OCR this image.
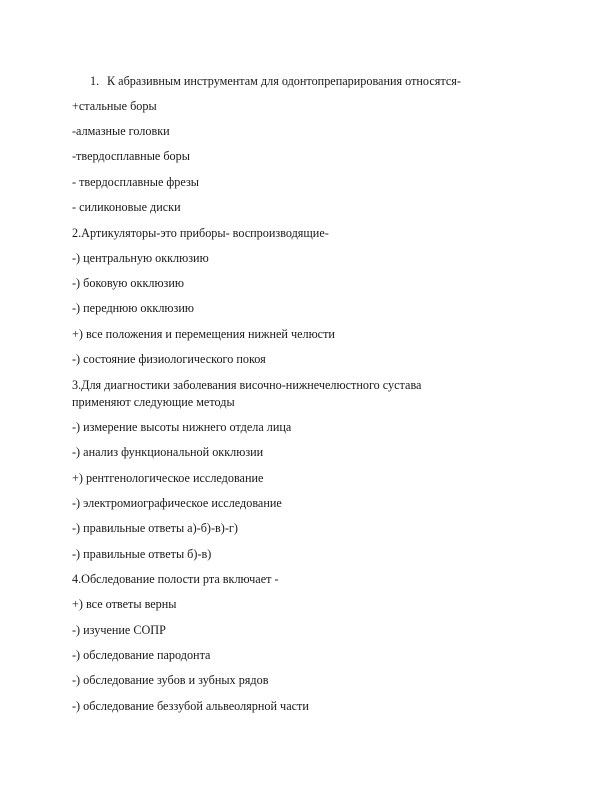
1. К абразивным инструментам для одонтопрепарирования относятся-
+стальные боры
-алмазные головки
-твердосплавные боры
- твердосплавные фрезы
- силиконовые диски
2.Артикуляторы-это приборы- воспроизводящие-
-) центральную окклюзию
-) боковую окклюзию
-) переднюю окклюзию
+) все положения и перемещения нижней челюсти
-) состояние физиологического покоя
3.Для диагностики заболевания височно-нижнечелюстного сустава
применяют следующие методы
-) измерение высоты нижнего отдела лица
-) анализ функциональной окклюзии
+) рентгенологическое исследование
-) электромиографическое исследование
-) правильные ответы а)-б)-в)-г)
-) правильные ответы б)-в)
4.Обследование полости рта включает -
+) все ответы верны
-) изучение СОПР
-) обследование пародонта
-) обследование зубов и зубных рядов
-) обследование беззубой альвеолярной части
